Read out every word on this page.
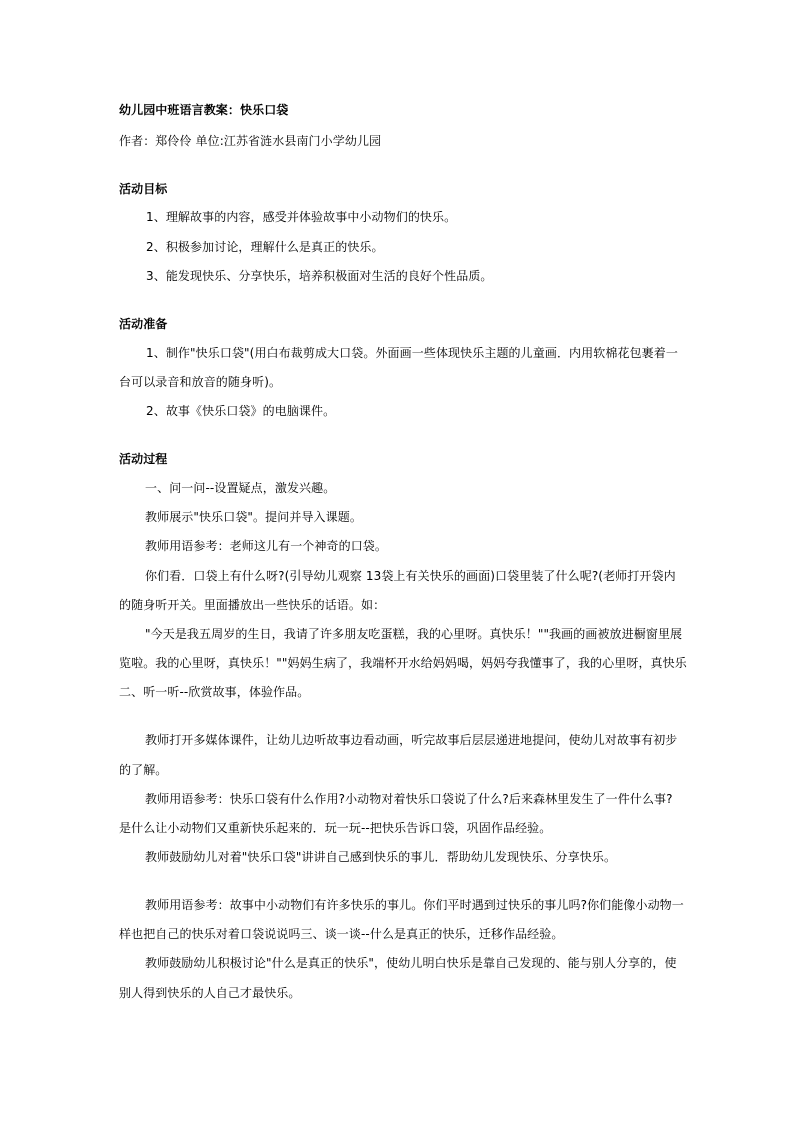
幼儿园中班语言教案：快乐口袋
作者：郑伶伶 单位:江苏省涟水县南门小学幼儿园
活动目标
1、理解故事的内容，感受并体验故事中小动物们的快乐。
2、积极参加讨论，理解什么是真正的快乐。
3、能发现快乐、分享快乐，培养积极面对生活的良好个性品质。
活动准备
1、制作"快乐口袋"(用白布裁剪成大口袋。外面画一些体现快乐主题的儿童画．内用软棉花包裹着一
台可以录音和放音的随身听)。
2、故事《快乐口袋》的电脑课件。
活动过程
一、问一问--设置疑点，激发兴趣。
教师展示"快乐口袋"。提问并导入课题。
教师用语参考：老师这儿有一个神奇的口袋。
你们看．口袋上有什么呀?(引导幼儿观察 13袋上有关快乐的画面)口袋里装了什么呢?(老师打开袋内
的随身听开关。里面播放出一些快乐的话语。如：
"今天是我五周岁的生日，我请了许多朋友吃蛋糕，我的心里呀。真快乐！""我画的画被放进橱窗里展
览啦。我的心里呀，真快乐！""妈妈生病了，我端杯开水给妈妈喝，妈妈夸我懂事了，我的心里呀，真快乐
二、听一听--欣赏故事，体验作品。
教师打开多媒体课件，让幼儿边听故事边看动画，听完故事后层层递进地提问，使幼儿对故事有初步
的了解。
教师用语参考：快乐口袋有什么作用?小动物对着快乐口袋说了什么?后来森林里发生了一件什么事?
是什么让小动物们又重新快乐起来的．玩一玩--把快乐告诉口袋，巩固作品经验。
教师鼓励幼儿对着"快乐口袋"讲讲自己感到快乐的事儿．帮助幼儿发现快乐、分享快乐。
教师用语参考：故事中小动物们有许多快乐的事儿。你们平时遇到过快乐的事儿吗?你们能像小动物一
样也把自己的快乐对着口袋说说吗三、谈一谈--什么是真正的快乐，迁移作品经验。
教师鼓励幼儿积极讨论"什么是真正的快乐"，使幼儿明白快乐是靠自己发现的、能与别人分享的，使
别人得到快乐的人自己才最快乐。
